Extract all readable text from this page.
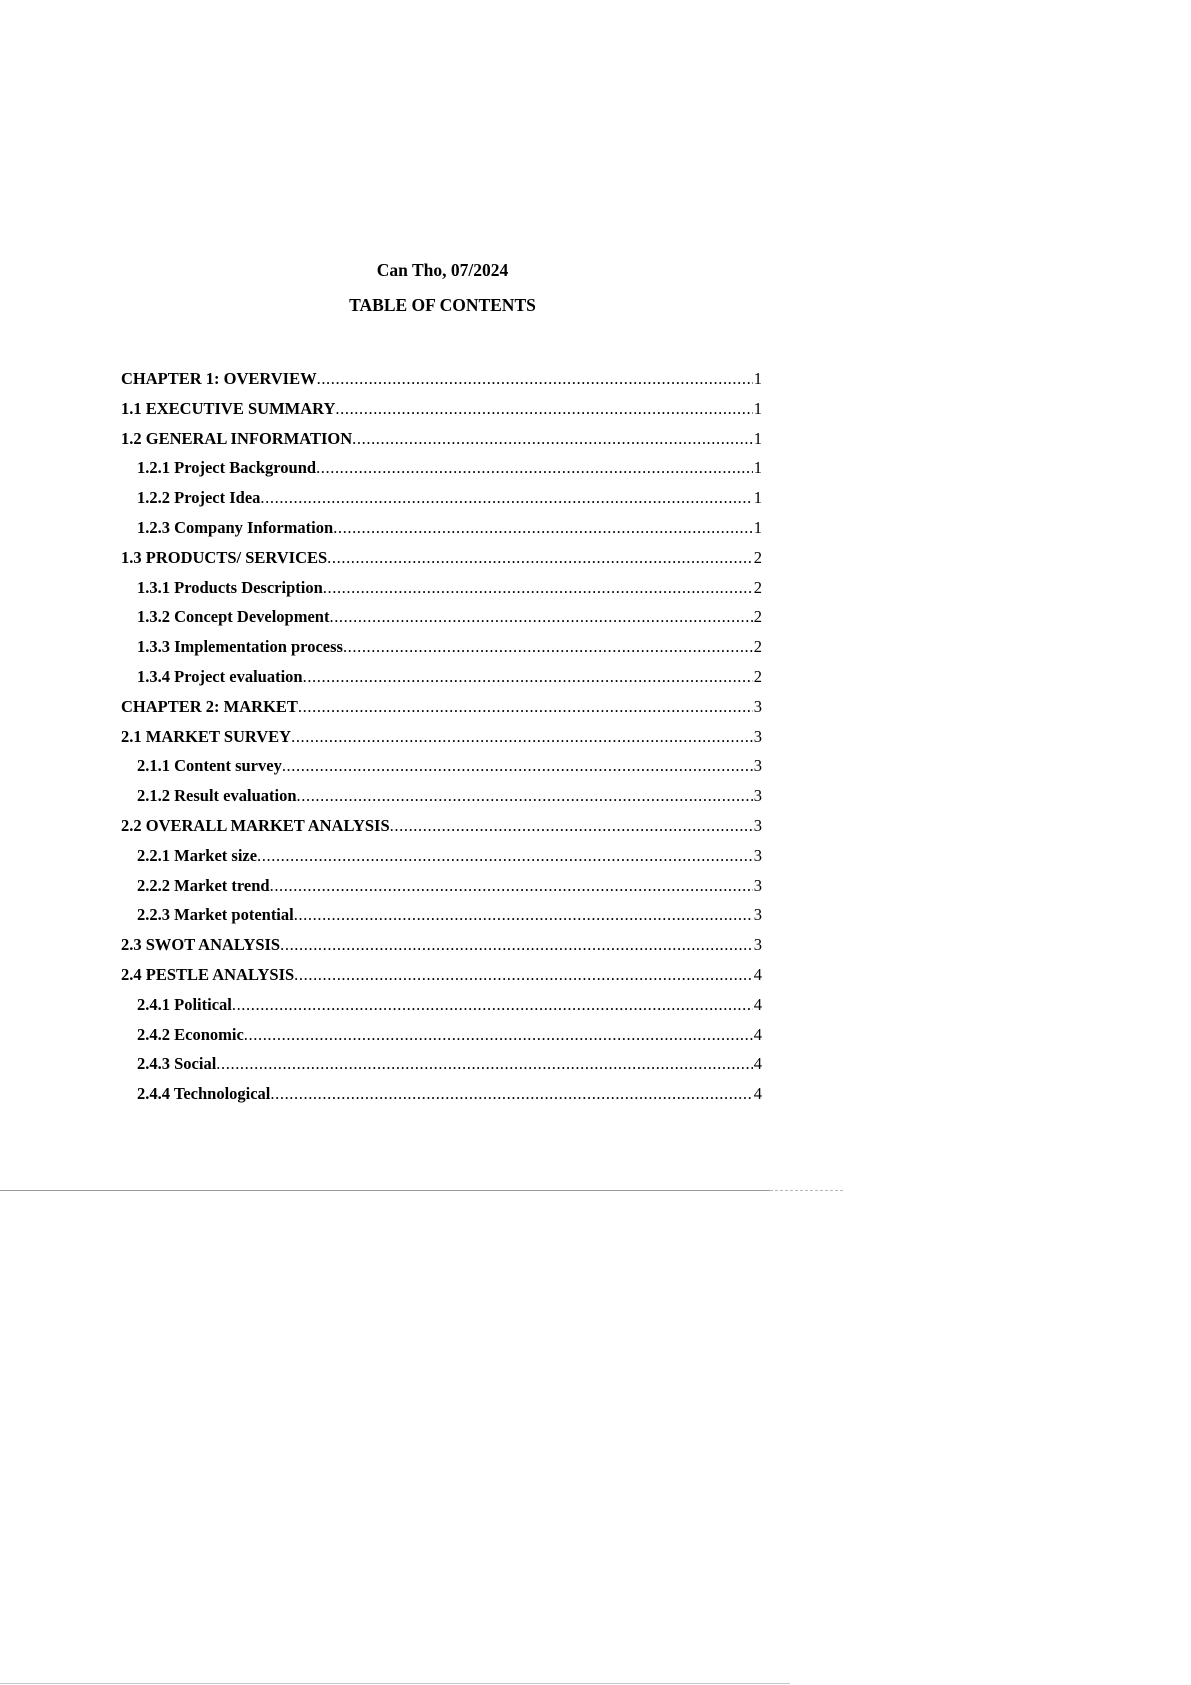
Can Tho, 07/2024
TABLE OF CONTENTS
CHAPTER 1: OVERVIEW .....	1
1.1 EXECUTIVE SUMMARY .....	1
1.2 GENERAL INFORMATION .....	1
1.2.1 Project Background .....	1
1.2.2 Project Idea .....	1
1.2.3 Company Information .....	1
1.3 PRODUCTS/ SERVICES .....	2
1.3.1 Products Description .....	2
1.3.2 Concept Development .....	2
1.3.3 Implementation process .....	2
1.3.4 Project evaluation .....	2
CHAPTER 2: MARKET .....	3
2.1 MARKET SURVEY .....	3
2.1.1 Content survey .....	3
2.1.2 Result evaluation .....	3
2.2 OVERALL MARKET ANALYSIS .....	3
2.2.1 Market size .....	3
2.2.2 Market trend .....	3
2.2.3 Market potential .....	3
2.3 SWOT ANALYSIS .....	3
2.4 PESTLE ANALYSIS .....	4
2.4.1 Political .....	4
2.4.2 Economic .....	4
2.4.3 Social .....	4
2.4.4 Technological .....	4
